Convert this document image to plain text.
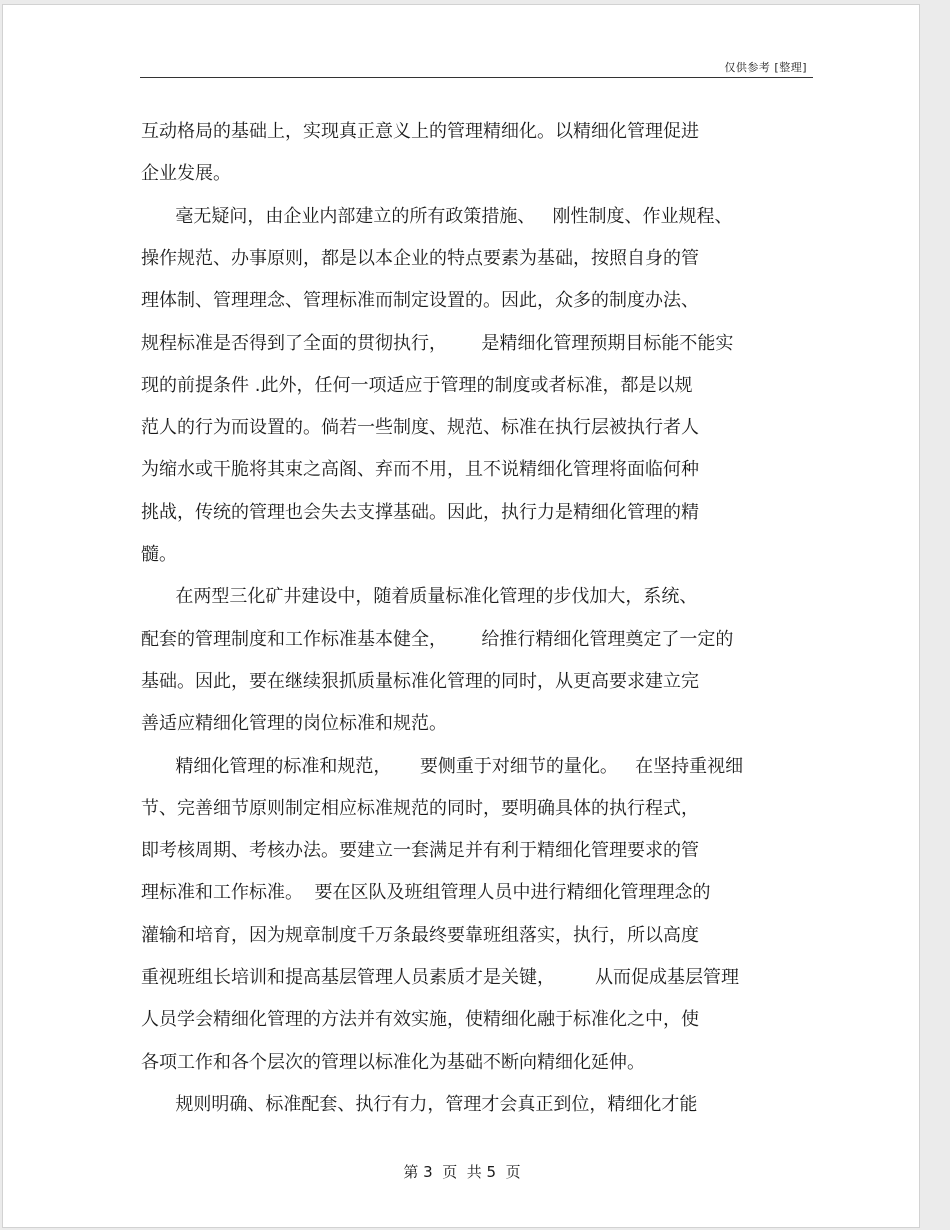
仅供参考 [整理]
互动格局的基础上，实现真正意义上的管理精细化。以精细化管理促进
企业发展。
毫无疑问，由企业内部建立的所有政策措施、   刚性制度、作业规程、
操作规范、办事原则，都是以本企业的特点要素为基础，按照自身的管
理体制、管理理念、管理标准而制定设置的。因此，众多的制度办法、
规程标准是否得到了全面的贯彻执行，      是精细化管理预期目标能不能实
现的前提条件 .此外，任何一项适应于管理的制度或者标准，都是以规
范人的行为而设置的。倘若一些制度、规范、标准在执行层被执行者人
为缩水或干脆将其束之高阁、弃而不用，且不说精细化管理将面临何种
挑战，传统的管理也会失去支撑基础。因此，执行力是精细化管理的精
髓。
在两型三化矿井建设中，随着质量标准化管理的步伐加大，系统、
配套的管理制度和工作标准基本健全，      给推行精细化管理奠定了一定的
基础。因此，要在继续狠抓质量标准化管理的同时，从更高要求建立完
善适应精细化管理的岗位标准和规范。
精细化管理的标准和规范，     要侧重于对细节的量化。   在坚持重视细
节、完善细节原则制定相应标准规范的同时，要明确具体的执行程式，
即考核周期、考核办法。要建立一套满足并有利于精细化管理要求的管
理标准和工作标准。  要在区队及班组管理人员中进行精细化管理理念的
灌输和培育，因为规章制度千万条最终要靠班组落实，执行，所以高度
重视班组长培训和提高基层管理人员素质才是关键，       从而促成基层管理
人员学会精细化管理的方法并有效实施，使精细化融于标准化之中，使
各项工作和各个层次的管理以标准化为基础不断向精细化延伸。
规则明确、标准配套、执行有力，管理才会真正到位，精细化才能
第 3  页  共 5  页
